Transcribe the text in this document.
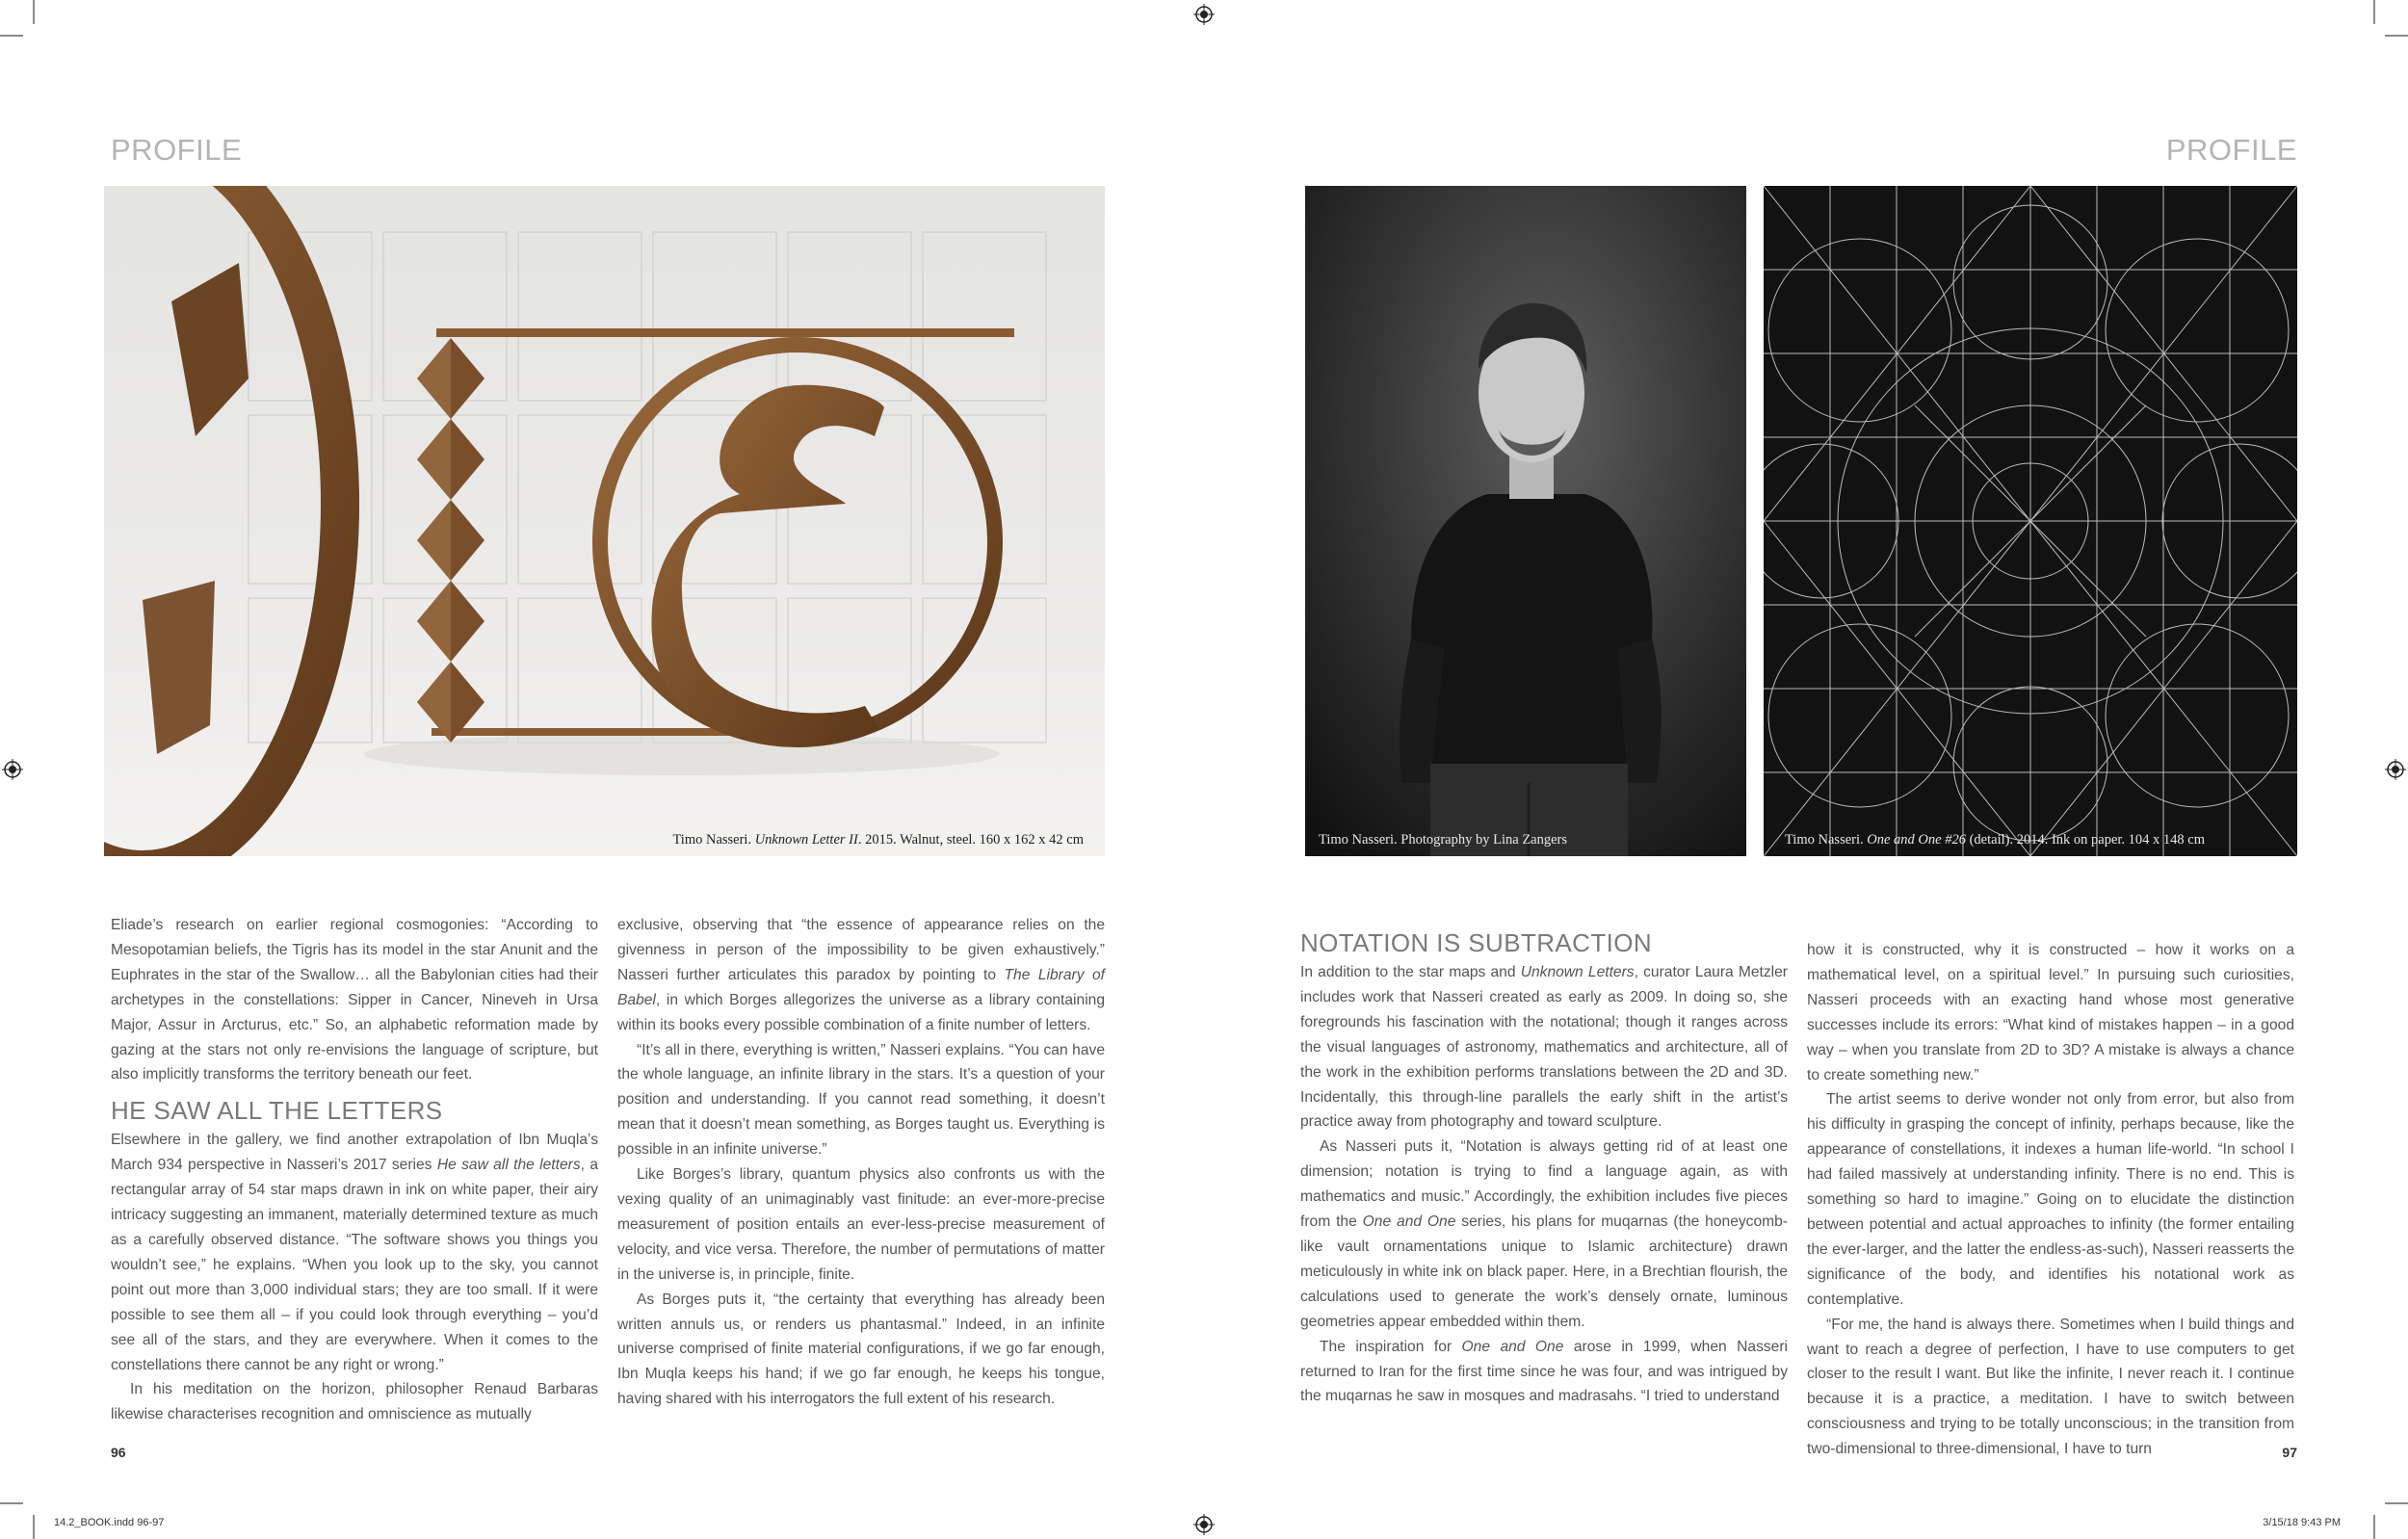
PROFILE	PROFILE
Timo Nasseri. Unknown Letter II. 2015. Walnut, steel. 160 x 162 x 42 cm	Timo Nasseri. Photography by Lina Zangers	Timo Nasseri. One and One #26 (detail). 2014. Ink on paper. 104 x 148 cm

Eliade’s research on earlier regional cosmogonies: “According to Mesopotamian beliefs, the Tigris has its model in the star Anunit and the Euphrates in the star of the Swallow… all the Babylonian cities had their archetypes in the constellations: Sipper in Cancer, Nineveh in Ursa Major, Assur in Arcturus, etc.” So, an alphabetic reformation made by gazing at the stars not only re-envisions the language of scripture, but also implicitly transforms the territory beneath our feet.

HE SAW ALL THE LETTERS

Elsewhere in the gallery, we find another extrapolation of Ibn Muqla’s March 934 perspective in Nasseri’s 2017 series He saw all the letters, a rectangular array of 54 star maps drawn in ink on white paper, their airy intricacy suggesting an immanent, materially determined texture as much as a carefully observed distance. “The software shows you things you wouldn’t see,” he explains. “When you look up to the sky, you cannot point out more than 3,000 individual stars; they are too small. If it were possible to see them all – if you could look through everything – you’d see all of the stars, and they are everywhere. When it comes to the constellations there cannot be any right or wrong.”

In his meditation on the horizon, philosopher Renaud Barbaras likewise characterises recognition and omniscience as mutually

exclusive, observing that “the essence of appearance relies on the givenness in person of the impossibility to be given exhaustively.” Nasseri further articulates this paradox by pointing to The Library of Babel, in which Borges allegorizes the universe as a library containing within its books every possible combination of a finite number of letters.

“It’s all in there, everything is written,” Nasseri explains. “You can have the whole language, an infinite library in the stars. It’s a question of your position and understanding. If you cannot read something, it doesn’t mean that it doesn’t mean something, as Borges taught us. Everything is possible in an infinite universe.”

Like Borges’s library, quantum physics also confronts us with the vexing quality of an unimaginably vast finitude: an ever-more-precise measurement of position entails an ever-less-precise measurement of velocity, and vice versa. Therefore, the number of permutations of matter in the universe is, in principle, finite.

As Borges puts it, “the certainty that everything has already been written annuls us, or renders us phantasmal.” Indeed, in an infinite universe comprised of finite material configurations, if we go far enough, Ibn Muqla keeps his hand; if we go far enough, he keeps his tongue, having shared with his interrogators the full extent of his research.

NOTATION IS SUBTRACTION

In addition to the star maps and Unknown Letters, curator Laura Metzler includes work that Nasseri created as early as 2009. In doing so, she foregrounds his fascination with the notational; though it ranges across the visual languages of astronomy, mathematics and architecture, all of the work in the exhibition performs translations between the 2D and 3D. Incidentally, this through-line parallels the early shift in the artist’s practice away from photography and toward sculpture.

As Nasseri puts it, “Notation is always getting rid of at least one dimension; notation is trying to find a language again, as with mathematics and music.” Accordingly, the exhibition includes five pieces from the One and One series, his plans for muqarnas (the honeycomb-like vault ornamentations unique to Islamic architecture) drawn meticulously in white ink on black paper. Here, in a Brechtian flourish, the calculations used to generate the work’s densely ornate, luminous geometries appear embedded within them.

The inspiration for One and One arose in 1999, when Nasseri returned to Iran for the first time since he was four, and was intrigued by the muqarnas he saw in mosques and madrasahs. “I tried to understand

how it is constructed, why it is constructed – how it works on a mathematical level, on a spiritual level.” In pursuing such curiosities, Nasseri proceeds with an exacting hand whose most generative successes include its errors: “What kind of mistakes happen – in a good way – when you translate from 2D to 3D? A mistake is always a chance to create something new.”

The artist seems to derive wonder not only from error, but also from his difficulty in grasping the concept of infinity, perhaps because, like the appearance of constellations, it indexes a human life-world. “In school I had failed massively at understanding infinity. There is no end. This is something so hard to imagine.” Going on to elucidate the distinction between potential and actual approaches to infinity (the former entailing the ever-larger, and the latter the endless-as-such), Nasseri reasserts the significance of the body, and identifies his notational work as contemplative.

“For me, the hand is always there. Sometimes when I build things and want to reach a degree of perfection, I have to use computers to get closer to the result I want. But like the infinite, I never reach it. I continue because it is a practice, a meditation. I have to switch between consciousness and trying to be totally unconscious; in the transition from two-dimensional to three-dimensional, I have to turn

96	97
14.2_BOOK.indd 96-97	3/15/18 9:43 PM
